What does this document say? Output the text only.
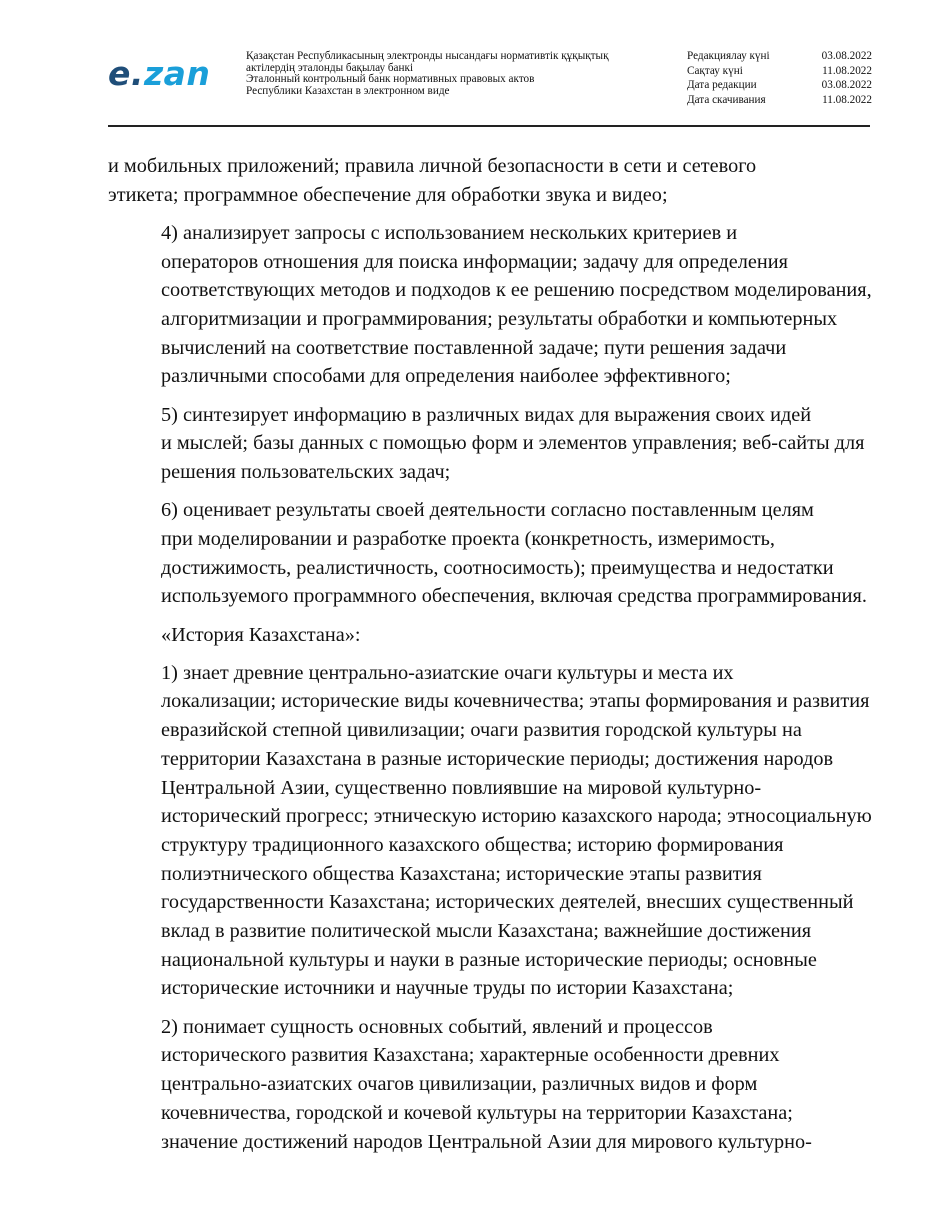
e.zan	Қазақстан Республикасының электронды нысандағы нормативтік құқықтық
актілердің эталонды бақылау банкі
Эталонный контрольный банк нормативных правовых актов
Республики Казахстан в электронном виде
Редакциялау күні	03.08.2022
Сақтау күні	11.08.2022
Дата редакции	03.08.2022
Дата скачивания	11.08.2022

и мобильных приложений; правила личной безопасности в сети и сетевого
этикета; программное обеспечение для обработки звука и видео;

4) анализирует запросы с использованием нескольких критериев и
операторов отношения для поиска информации; задачу для определения
соответствующих методов и подходов к ее решению посредством моделирования,
алгоритмизации и программирования; результаты обработки и компьютерных
вычислений на соответствие поставленной задаче; пути решения задачи
различными способами для определения наиболее эффективного;

5) синтезирует информацию в различных видах для выражения своих идей
и мыслей; базы данных с помощью форм и элементов управления; веб-сайты для
решения пользовательских задач;

6) оценивает результаты своей деятельности согласно поставленным целям
при моделировании и разработке проекта (конкретность, измеримость,
достижимость, реалистичность, соотносимость); преимущества и недостатки
используемого программного обеспечения, включая средства программирования.

«История Казахстана»:

1) знает древние центрально-азиатские очаги культуры и места их
локализации; исторические виды кочевничества; этапы формирования и развития
евразийской степной цивилизации; очаги развития городской культуры на
территории Казахстана в разные исторические периоды; достижения народов
Центральной Азии, существенно повлиявшие на мировой культурно-
исторический прогресс; этническую историю казахского народа; этносоциальную
структуру традиционного казахского общества; историю формирования
полиэтнического общества Казахстана; исторические этапы развития
государственности Казахстана; исторических деятелей, внесших существенный
вклад в развитие политической мысли Казахстана; важнейшие достижения
национальной культуры и науки в разные исторические периоды; основные
исторические источники и научные труды по истории Казахстана;

2) понимает сущность основных событий, явлений и процессов
исторического развития Казахстана; характерные особенности древних
центрально-азиатских очагов цивилизации, различных видов и форм
кочевничества, городской и кочевой культуры на территории Казахстана;
значение достижений народов Центральной Азии для мирового культурно-
